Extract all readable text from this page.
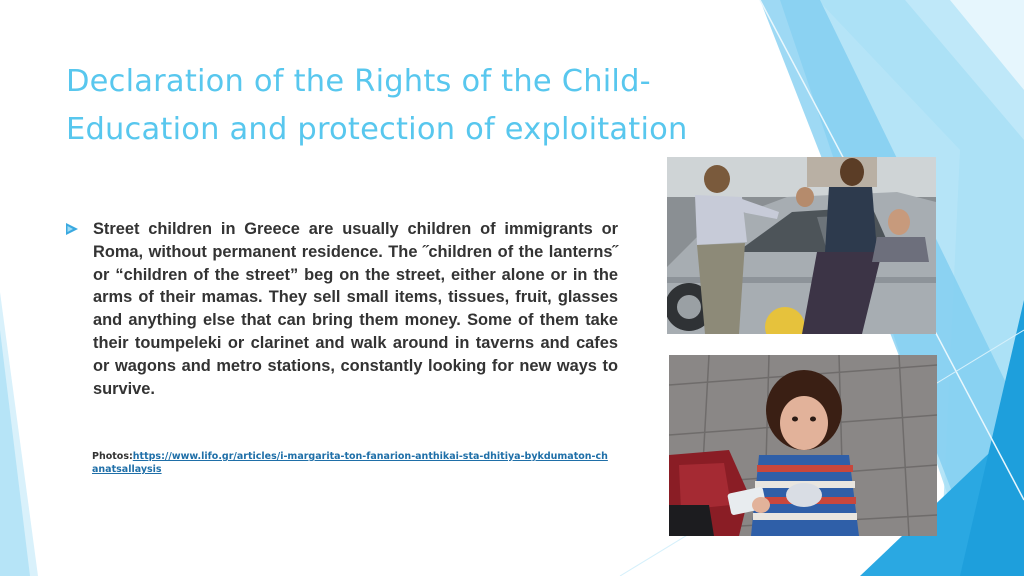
Declaration of the Rights of the Child- Education and protection of exploitation
Street children in Greece are usually children of immigrants or Roma, without permanent residence. The ˝children of the lanterns˝ or “children of the street” beg on the street, either alone or in the arms of their mamas. They sell small items, tissues, fruit, glasses and anything else that can bring them money. Some of them take their toumpeleki or clarinet and walk around in taverns and cafes or wagons and metro stations, constantly looking for new ways to survive.
Photos:https://www.lifo.gr/articles/i-margarita-ton-fanarion-anthikai-sta-dhitiya-bykdumaton-chanatsallaysis
